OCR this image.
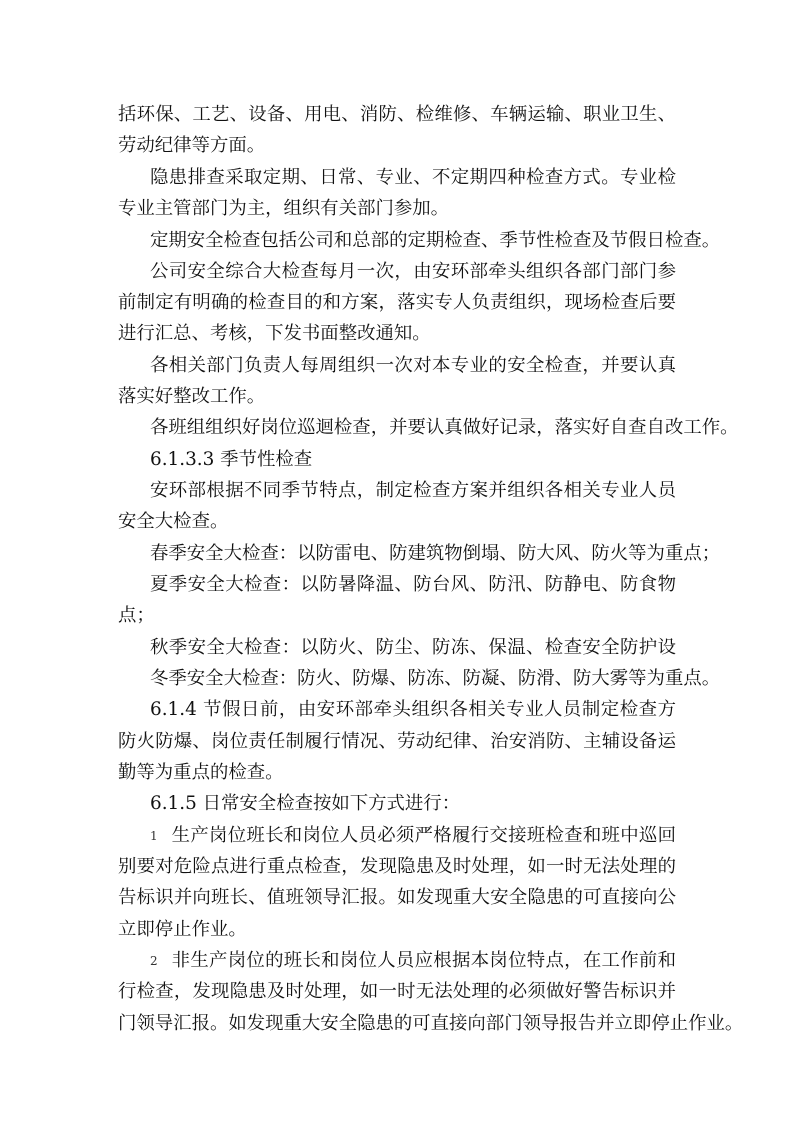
括环保、工艺、设备、用电、消防、检维修、车辆运输、职业卫生、
劳动纪律等方面。
隐患排查采取定期、日常、专业、不定期四种检查方式。专业检
专业主管部门为主，组织有关部门参加。
定期安全检查包括公司和总部的定期检查、季节性检查及节假日检查。
公司安全综合大检查每月一次，由安环部牵头组织各部门部门参
前制定有明确的检查目的和方案，落实专人负责组织，现场检查后要
进行汇总、考核，下发书面整改通知。
各相关部门负责人每周组织一次对本专业的安全检查，并要认真
落实好整改工作。
各班组组织好岗位巡迴检查，并要认真做好记录，落实好自查自改工作。
6.1.3.3 季节性检查
安环部根据不同季节特点，制定检查方案并组织各相关专业人员
安全大检查。
春季安全大检查：以防雷电、防建筑物倒塌、防大风、防火等为重点；
夏季安全大检查：以防暑降温、防台风、防汛、防静电、防食物
点；
秋季安全大检查：以防火、防尘、防冻、保温、检查安全防护设
冬季安全大检查：防火、防爆、防冻、防凝、防滑、防大雾等为重点。
6.1.4 节假日前，由安环部牵头组织各相关专业人员制定检查方
防火防爆、岗位责任制履行情况、劳动纪律、治安消防、主辅设备运
勤等为重点的检查。
6.1.5 日常安全检查按如下方式进行：
1 生产岗位班长和岗位人员必须严格履行交接班检查和班中巡回
别要对危险点进行重点检查，发现隐患及时处理，如一时无法处理的
告标识并向班长、值班领导汇报。如发现重大安全隐患的可直接向公
立即停止作业。
2 非生产岗位的班长和岗位人员应根据本岗位特点，在工作前和
行检查，发现隐患及时处理，如一时无法处理的必须做好警告标识并
门领导汇报。如发现重大安全隐患的可直接向部门领导报告并立即停止作业。
